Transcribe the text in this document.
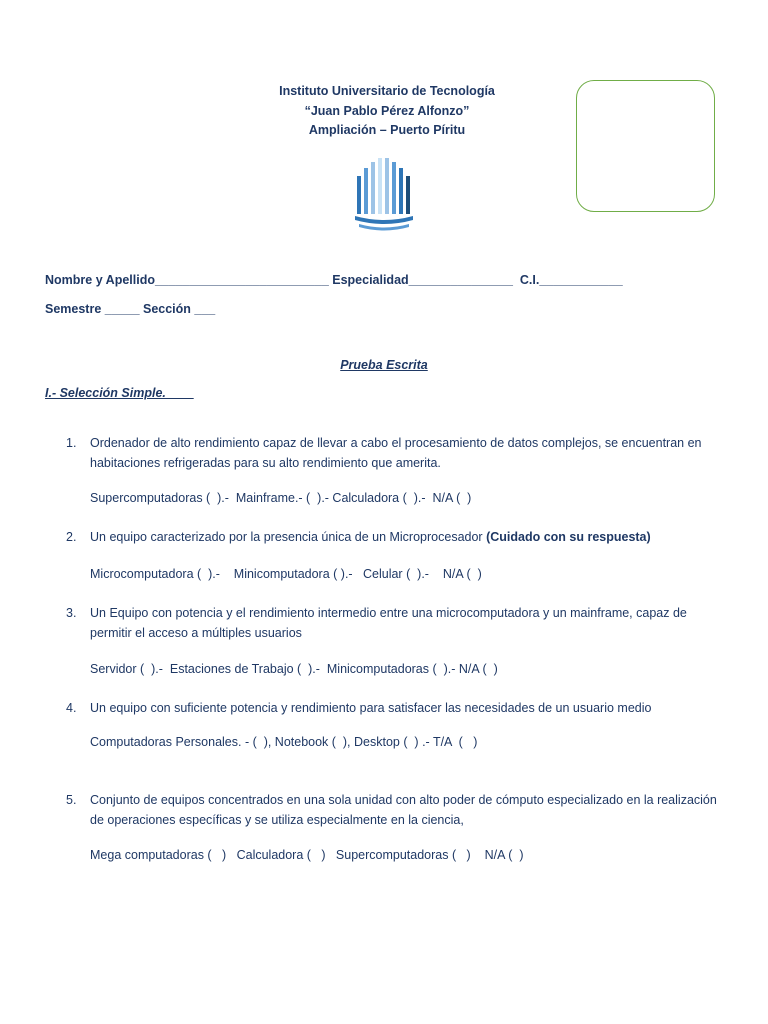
Instituto Universitario de Tecnología
“Juan Pablo Pérez Alfonzo”
Ampliación – Puerto Píritu
Nombre y Apellido_________________________ Especialidad_______________  C.I.____________
Semestre _____ Sección ___
Prueba Escrita
I.- Selección Simple.____
1. Ordenador de alto rendimiento capaz de llevar a cabo el procesamiento de datos complejos, se encuentran en habitaciones refrigeradas para su alto rendimiento que amerita.
Supercomputadoras (  ).-  Mainframe.- (  ).- Calculadora (  ).-  N/A (  )
2. Un equipo caracterizado por la presencia única de un Microprocesador (Cuidado con su respuesta)
Microcomputadora (  ).-    Minicomputadora ( ).-   Celular (  ).-    N/A (  )
3. Un Equipo con potencia y el rendimiento intermedio entre una microcomputadora y un mainframe, capaz de permitir el acceso a múltiples usuarios
Servidor (  ).-  Estaciones de Trabajo (  ).-  Minicomputadoras (  ).- N/A (  )
4. Un equipo con suficiente potencia y rendimiento para satisfacer las necesidades de un usuario medio
Computadoras Personales. - (  ), Notebook (  ), Desktop (  ) .- T/A  (   )
5. Conjunto de equipos concentrados en una sola unidad con alto poder de cómputo especializado en la realización de operaciones específicas y se utiliza especialmente en la ciencia,
Mega computadoras (   )   Calculadora (   )   Supercomputadoras (   )    N/A (  )
